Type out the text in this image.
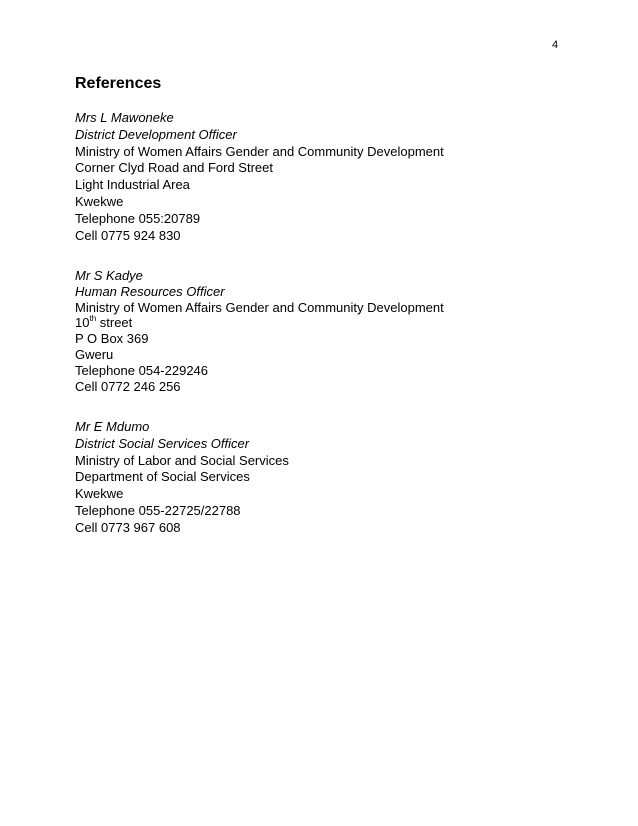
4
References
Mrs L Mawoneke
District Development Officer
Ministry of Women Affairs Gender and Community Development
Corner Clyd Road and Ford Street
Light Industrial Area
Kwekwe
Telephone 055:20789
Cell 0775 924 830
Mr S Kadye
Human Resources Officer
Ministry of Women Affairs Gender and Community Development
10th street
P O Box 369
Gweru
Telephone 054-229246
Cell 0772 246 256
Mr E Mdumo
District Social Services Officer
Ministry of Labor and Social Services
Department of Social Services
Kwekwe
Telephone 055-22725/22788
Cell 0773 967 608
